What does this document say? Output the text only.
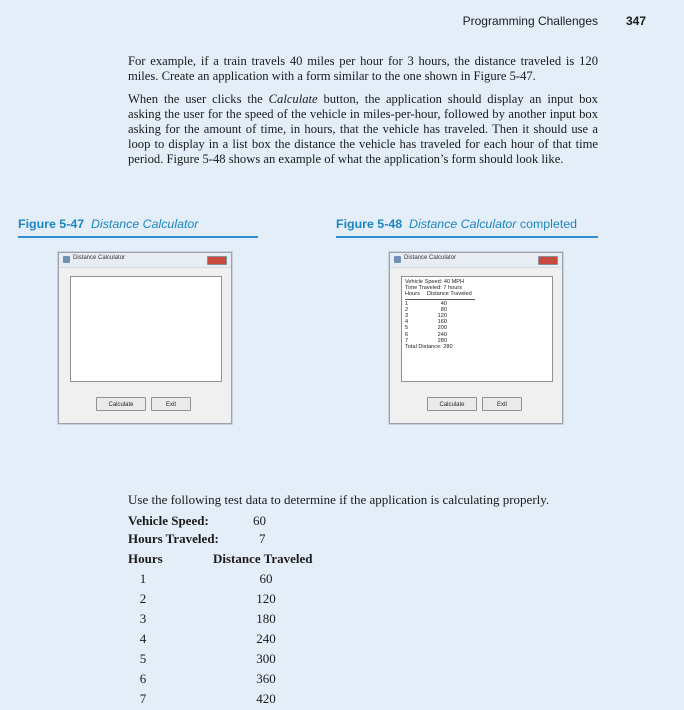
Programming Challenges 347

For example, if a train travels 40 miles per hour for 3 hours, the distance traveled is 120 miles. Create an application with a form similar to the one shown in Figure 5-47.

When the user clicks the Calculate button, the application should display an input box asking the user for the speed of the vehicle in miles-per-hour, followed by another input box asking for the amount of time, in hours, that the vehicle has traveled. Then it should use a loop to display in a list box the distance the vehicle has traveled for each hour of that time period. Figure 5-48 shows an example of what the application’s form should look like.

Figure 5-47 Distance Calculator	Figure 5-48 Distance Calculator completed
Distance Calculator
Calculate	Exit
Distance Calculator
Vehicle Speed: 40 MPH
Time Traveled: 7 hours
Hours	Distance Traveled
1	40
2	80
3	120
4	160
5	200
6	240
7	280
Total Distance: 280
Calculate	Exit
Use the following test data to determine if the application is calculating properly.
Vehicle Speed:	60
Hours Traveled:	7
Hours	Distance Traveled
1	60
2	120
3	180
4	240
5	300
6	360
7	420
